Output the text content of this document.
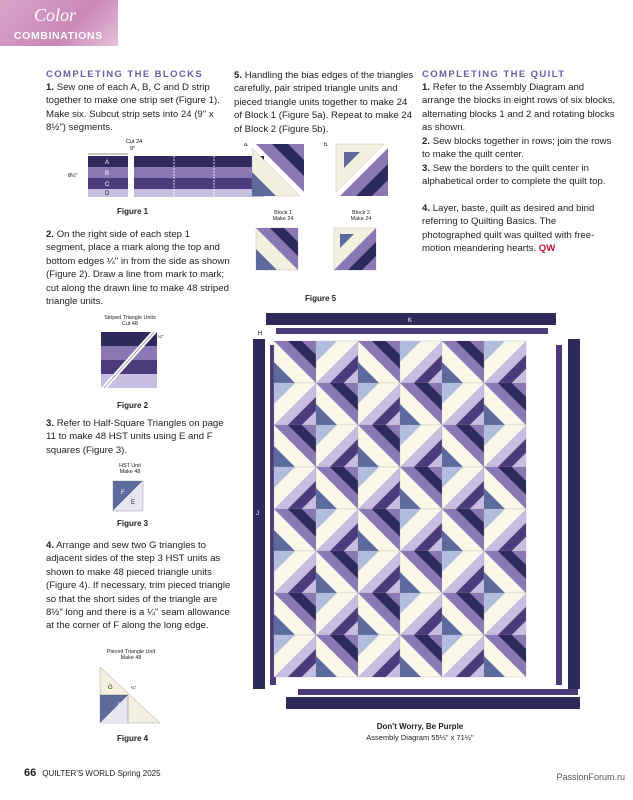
Color
COMBINATIONS
COMPLETING THE BLOCKS
1. Sew one of each A, B, C and D strip together to make one strip set (Figure 1). Make six. Subcut strip sets into 24 (9" x 8½") segments.
Cut 24
9"
8½"
A
B
C
D
Figure 1
2. On the right side of each step 1 segment, place a mark along the top and bottom edges ¼" in from the side as shown (Figure 2). Draw a line from mark to mark; cut along the drawn line to make 48 striped triangle units.
Striped Triangle Units
Cut 48
¼"
Figure 2
3. Refer to Half-Square Triangles on page 11 to make 48 HST units using E and F squares (Figure 3).
HST Unit
Make 48
F
E
Figure 3
4. Arrange and sew two G triangles to adjacent sides of the step 3 HST units as shown to make 48 pieced triangle units (Figure 4). If necessary, trim pieced triangle so that the short sides of the triangle are 8½" long and there is a ¼" seam allowance at the corner of F along the long edge.
Pieced Triangle Unit
Make 48
G
F
E
¼"
Figure 4
5. Handling the bias edges of the triangles carefully, pair striped triangle units and pieced triangle units together to make 24 of Block 1 (Figure 5a). Repeat to make 24 of Block 2 (Figure 5b).
a.	b.
Block 1
Make 24
Block 2
Make 24
Figure 5
COMPLETING THE QUILT
1. Refer to the Assembly Diagram and arrange the blocks in eight rows of six blocks, alternating blocks 1 and 2 and rotating blocks as shown.
2. Sew blocks together in rows; join the rows to make the quilt center.
3. Sew the borders to the quilt center in alphabetical order to complete the quilt top.
4. Layer, baste, quilt as desired and bind referring to Quilting Basics. The photographed quilt was quilted with free-motion meandering hearts. QW
K
H
J
Don't Worry, Be Purple
Assembly Diagram 55½" x 71½"
66 QUILTER'S WORLD Spring 2025	PassionForum.ru
